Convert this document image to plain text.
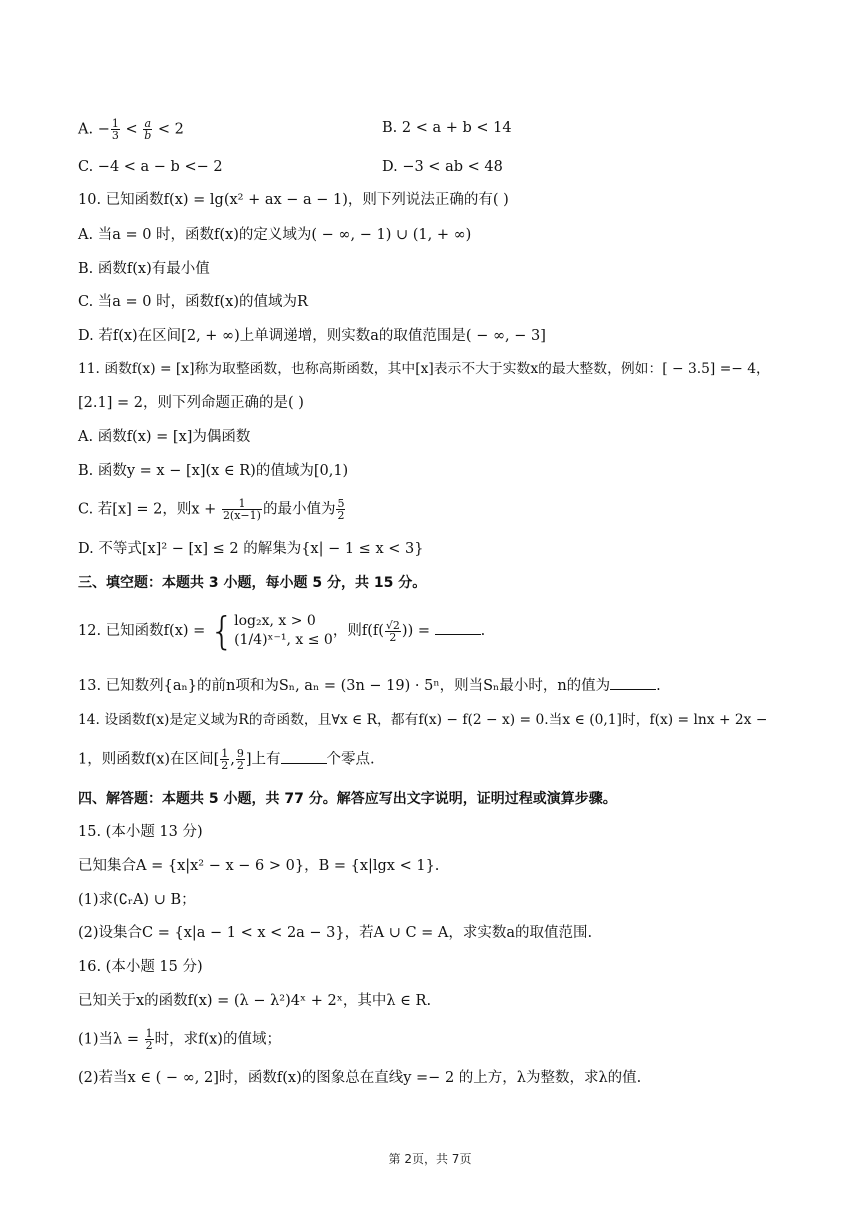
A. − $\frac{1}{3} < \frac{a}{b} < 2$	B. 2 < a + b < 14
C. −4 < a − b <− 2	D. −3 < ab < 48
10. 已知函数f(x) = lg(x² + ax − a − 1)，则下列说法正确的有( )
A. 当a = 0 时，函数f(x)的定义域为( − ∞, − 1) ∪ (1, + ∞)
B. 函数f(x)有最小值
C. 当a = 0 时，函数f(x)的值域为R
D. 若f(x)在区间[2, + ∞)上单调递增，则实数a的取值范围是( − ∞, − 3]
11. 函数f(x) = [x]称为取整函数，也称高斯函数，其中[x]表示不大于实数x的最大整数，例如：[ − 3.5] =− 4，
[2.1] = 2，则下列命题正确的是( )
A. 函数f(x) = [x]为偶函数
B. 函数y = x − [x](x ∈ R)的值域为[0,1)
C. 若[x] = 2，则$x + \frac{1}{2(x-1)}$ 的最小值为 $\frac{5}{2}$
D. 不等式[x]² − [x] ≤ 2 的解集为{x| − 1 ≤ x < 3}
三、填空题：本题共 3 小题，每小题 5 分，共 15 分。
12. 已知函数f(x) = { log₂x, x > 0
(1/4)ˣ⁻¹, x ≤ 0
，则$f(f( \frac{√2}{2}$ )) =	.
13. 已知数列{aₙ}的前n项和为Sₙ, aₙ = (3n − 19) · 5ⁿ，则当Sₙ最小时，n的值为	.
14. 设函数f(x)是定义域为R的奇函数，且∀x ∈ R，都有f(x) − f(2 − x) = 0.当x ∈ (0,1]时，f(x) = lnx + 2x −
1，则函数f(x)在区间[ $\frac{1}{2}$ , $\frac{9}{2}$ ]上有	个零点.
四、解答题：本题共 5 小题，共 77 分。解答应写出文字说明，证明过程或演算步骤。
15. (本小题 13 分)
已知集合A = {x|x² − x − 6 > 0}，B = {x|lgx < 1}.
(1)求(∁ᵣA) ∪ B；
(2)设集合C = {x|a − 1 < x < 2a − 3}，若A ∪ C = A，求实数a的取值范围.
16. (本小题 15 分)
已知关于x的函数f(x) = (λ − λ²)4ˣ + 2ˣ，其中λ ∈ R.
(1)当$\lambda = \frac{1}{2}$ 时，求f(x)的值域；
(2)若当x ∈ ( − ∞, 2]时，函数f(x)的图象总在直线y =− 2 的上方，λ为整数，求λ的值.
第 2页，共 7页
